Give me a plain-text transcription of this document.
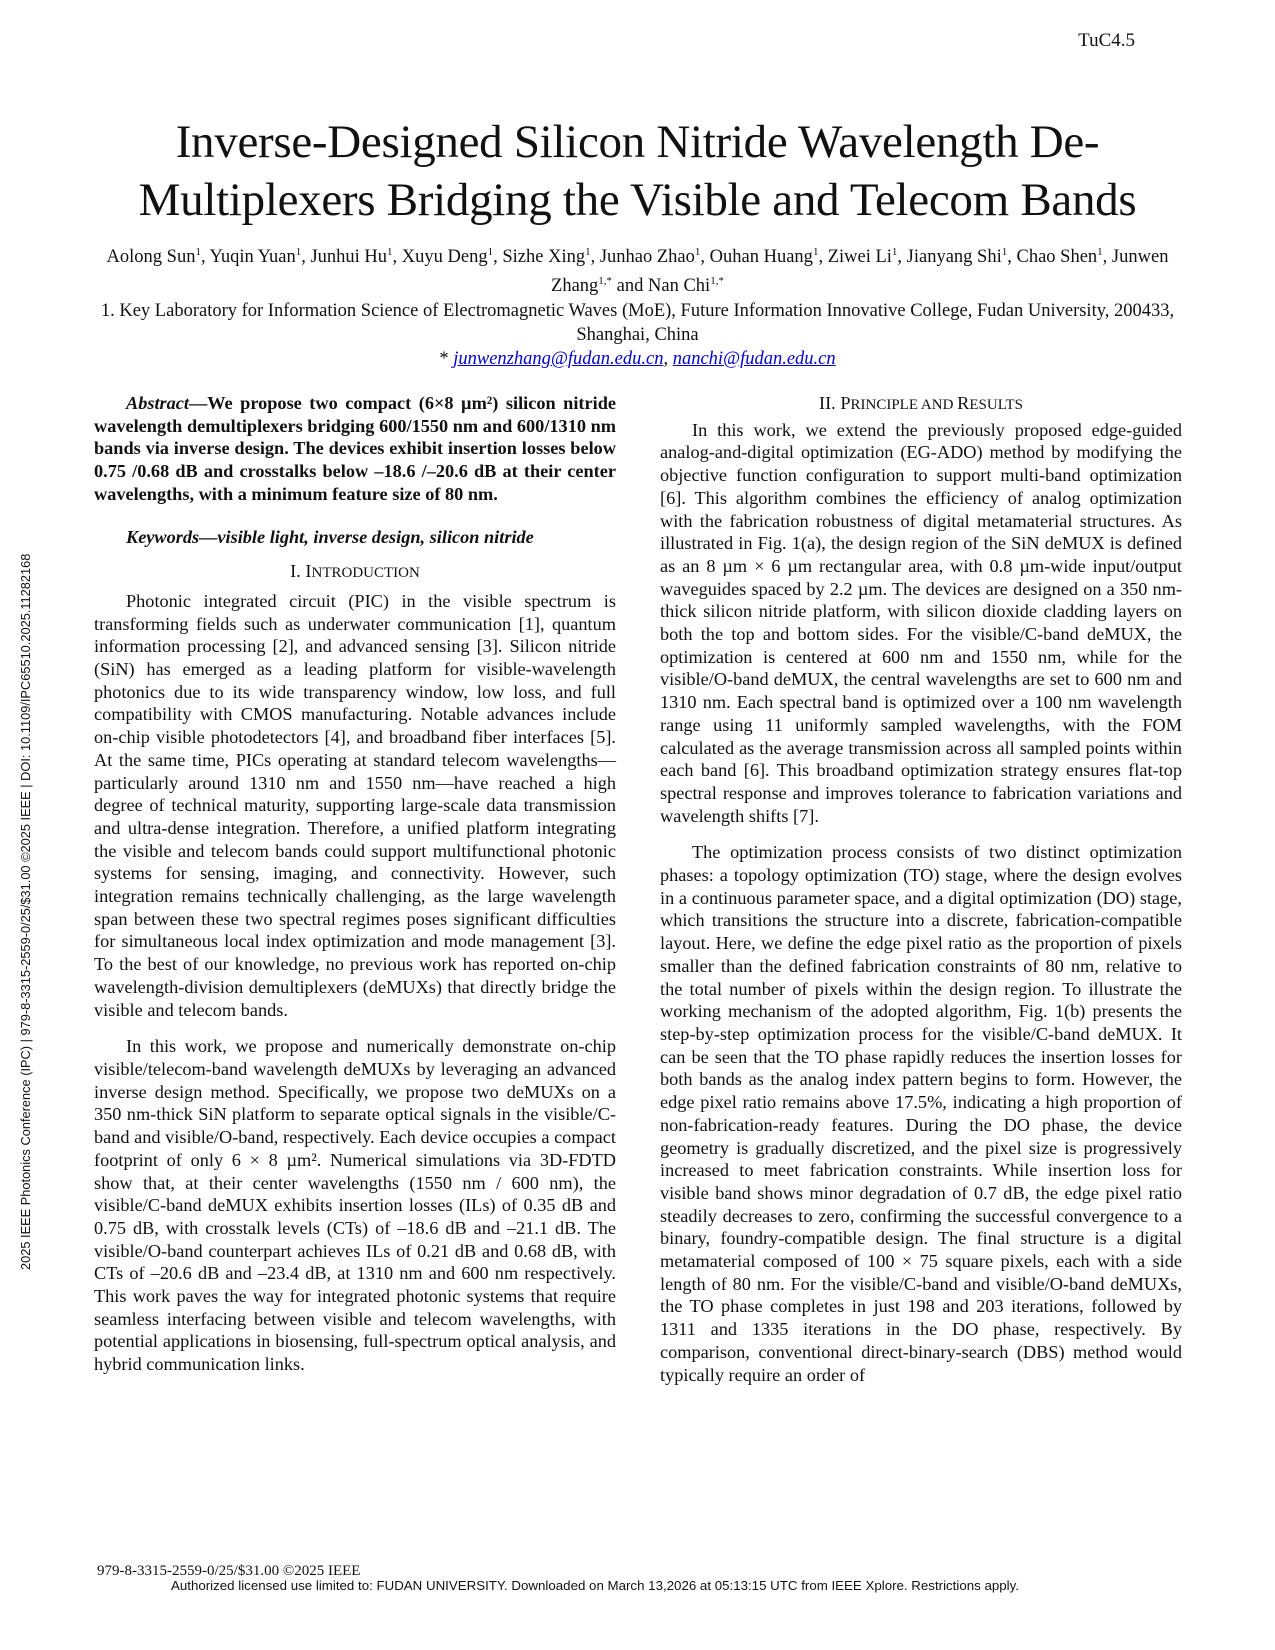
TuC4.5
Inverse-Designed Silicon Nitride Wavelength De-Multiplexers Bridging the Visible and Telecom Bands
Aolong Sun$^1$, Yuqin Yuan$^1$, Junhui Hu$^1$, Xuyu Deng$^1$, Sizhe Xing$^1$, Junhao Zhao$^1$, Ouhan Huang$^1$, Ziwei Li$^1$, Jianyang Shi$^1$, Chao Shen$^1$, Junwen Zhang$^{1,*}$ and Nan Chi$^{1,*}$
1. Key Laboratory for Information Science of Electromagnetic Waves (MoE), Future Information Innovative College, Fudan University, 200433, Shanghai, China
* junwenzhang@fudan.edu.cn, nanchi@fudan.edu.cn

Abstract—We propose two compact (6×8 µm²) silicon nitride wavelength demultiplexers bridging 600/1550 nm and 600/1310 nm bands via inverse design. The devices exhibit insertion losses below 0.75 /0.68 dB and crosstalks below –18.6 /–20.6 dB at their center wavelengths, with a minimum feature size of 80 nm.

Keywords—visible light, inverse design, silicon nitride

I. INTRODUCTION

Photonic integrated circuit (PIC) in the visible spectrum is transforming fields such as underwater communication [1], quantum information processing [2], and advanced sensing [3]. Silicon nitride (SiN) has emerged as a leading platform for visible-wavelength photonics due to its wide transparency window, low loss, and full compatibility with CMOS manufacturing. Notable advances include on-chip visible photodetectors [4], and broadband fiber interfaces [5]. At the same time, PICs operating at standard telecom wavelengths—particularly around 1310 nm and 1550 nm—have reached a high degree of technical maturity, supporting large-scale data transmission and ultra-dense integration. Therefore, a unified platform integrating the visible and telecom bands could support multifunctional photonic systems for sensing, imaging, and connectivity. However, such integration remains technically challenging, as the large wavelength span between these two spectral regimes poses significant difficulties for simultaneous local index optimization and mode management [3]. To the best of our knowledge, no previous work has reported on-chip wavelength-division demultiplexers (deMUXs) that directly bridge the visible and telecom bands.

In this work, we propose and numerically demonstrate on-chip visible/telecom-band wavelength deMUXs by leveraging an advanced inverse design method. Specifically, we propose two deMUXs on a 350 nm-thick SiN platform to separate optical signals in the visible/C-band and visible/O-band, respectively. Each device occupies a compact footprint of only 6 × 8 µm². Numerical simulations via 3D-FDTD show that, at their center wavelengths (1550 nm / 600 nm), the visible/C-band deMUX exhibits insertion losses (ILs) of 0.35 dB and 0.75 dB, with crosstalk levels (CTs) of –18.6 dB and –21.1 dB. The visible/O-band counterpart achieves ILs of 0.21 dB and 0.68 dB, with CTs of –20.6 dB and –23.4 dB, at 1310 nm and 600 nm respectively. This work paves the way for integrated photonic systems that require seamless interfacing between visible and telecom wavelengths, with potential applications in biosensing, full-spectrum optical analysis, and hybrid communication links.

II. PRINCIPLE AND RESULTS

In this work, we extend the previously proposed edge-guided analog-and-digital optimization (EG-ADO) method by modifying the objective function configuration to support multi-band optimization [6]. This algorithm combines the efficiency of analog optimization with the fabrication robustness of digital metamaterial structures. As illustrated in Fig. 1(a), the design region of the SiN deMUX is defined as an 8 µm × 6 µm rectangular area, with 0.8 µm-wide input/output waveguides spaced by 2.2 µm. The devices are designed on a 350 nm-thick silicon nitride platform, with silicon dioxide cladding layers on both the top and bottom sides. For the visible/C-band deMUX, the optimization is centered at 600 nm and 1550 nm, while for the visible/O-band deMUX, the central wavelengths are set to 600 nm and 1310 nm. Each spectral band is optimized over a 100 nm wavelength range using 11 uniformly sampled wavelengths, with the FOM calculated as the average transmission across all sampled points within each band [6]. This broadband optimization strategy ensures flat-top spectral response and improves tolerance to fabrication variations and wavelength shifts [7].

The optimization process consists of two distinct optimization phases: a topology optimization (TO) stage, where the design evolves in a continuous parameter space, and a digital optimization (DO) stage, which transitions the structure into a discrete, fabrication-compatible layout. Here, we define the edge pixel ratio as the proportion of pixels smaller than the defined fabrication constraints of 80 nm, relative to the total number of pixels within the design region. To illustrate the working mechanism of the adopted algorithm, Fig. 1(b) presents the step-by-step optimization process for the visible/C-band deMUX. It can be seen that the TO phase rapidly reduces the insertion losses for both bands as the analog index pattern begins to form. However, the edge pixel ratio remains above 17.5%, indicating a high proportion of non-fabrication-ready features. During the DO phase, the device geometry is gradually discretized, and the pixel size is progressively increased to meet fabrication constraints. While insertion loss for visible band shows minor degradation of 0.7 dB, the edge pixel ratio steadily decreases to zero, confirming the successful convergence to a binary, foundry-compatible design. The final structure is a digital metamaterial composed of 100 × 75 square pixels, each with a side length of 80 nm. For the visible/C-band and visible/O-band deMUXs, the TO phase completes in just 198 and 203 iterations, followed by 1311 and 1335 iterations in the DO phase, respectively. By comparison, conventional direct-binary-search (DBS) method would typically require an order of

2025 IEEE Photonics Conference (IPC) | 979-8-3315-2559-0/25/$31.00 ©2025 IEEE | DOI: 10.1109/IPC65510.2025.11282168
979-8-3315-2559-0/25/$31.00 ©2025 IEEE
Authorized licensed use limited to: FUDAN UNIVERSITY. Downloaded on March 13,2026 at 05:13:15 UTC from IEEE Xplore. Restrictions apply.
